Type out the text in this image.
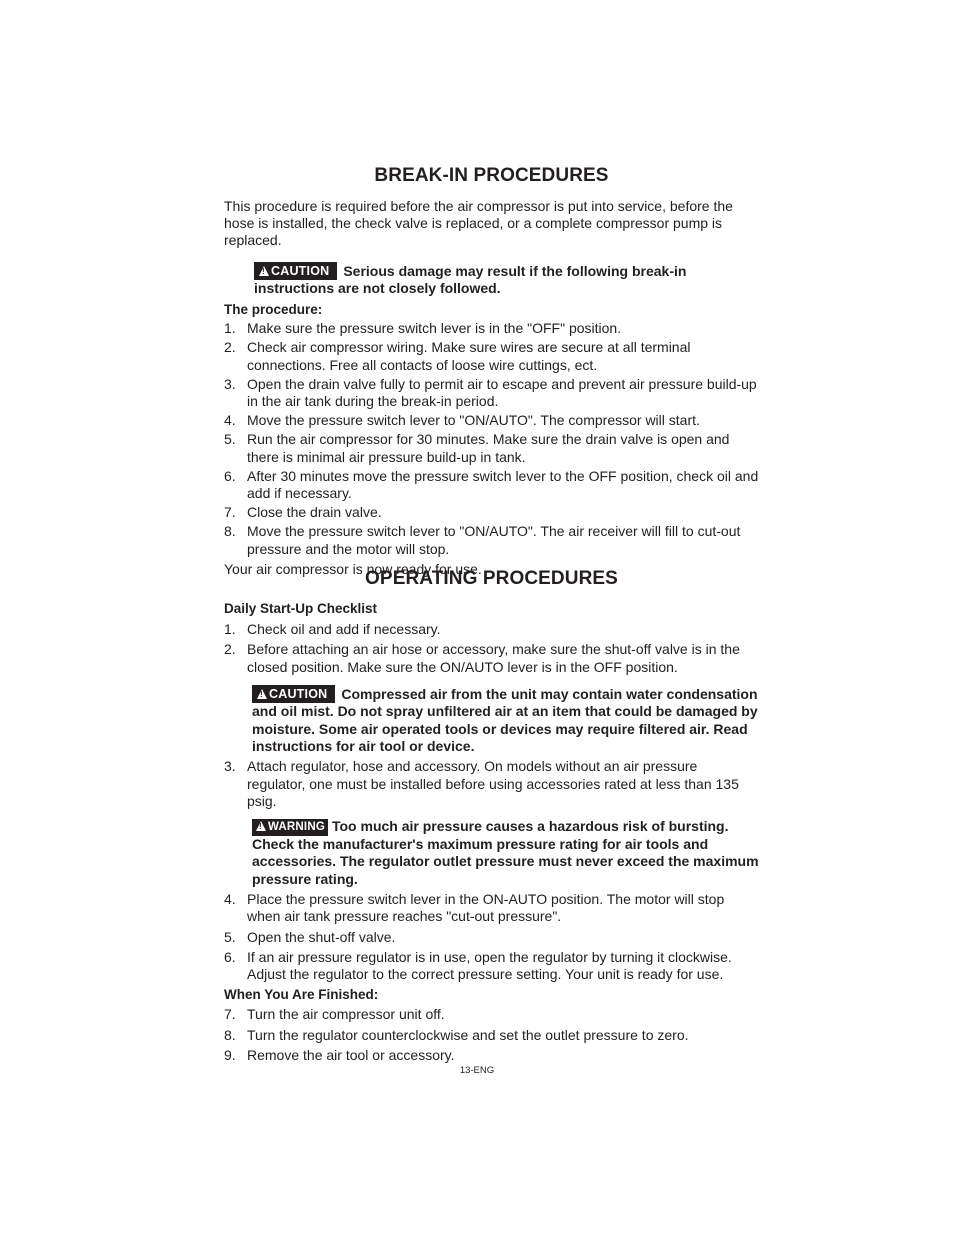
BREAK-IN PROCEDURES

This procedure is required before the air compressor is put into service, before the hose is installed, the check valve is replaced, or a complete compressor pump is replaced.

!CAUTION Serious damage may result if the following break-in instructions are not closely followed.

The procedure:

1. Make sure the pressure switch lever is in the "OFF" position.
2. Check air compressor wiring. Make sure wires are secure at all terminal connections. Free all contacts of loose wire cuttings, ect.
3. Open the drain valve fully to permit air to escape and prevent air pressure build-up in the air tank during the break-in period.
4. Move the pressure switch lever to "ON/AUTO". The compressor will start.
5. Run the air compressor for 30 minutes. Make sure the drain valve is open and there is minimal air pressure build-up in tank.
6. After 30 minutes move the pressure switch lever to the OFF position, check oil and add if necessary.
7. Close the drain valve.
8. Move the pressure switch lever to "ON/AUTO". The air receiver will fill to cut-out pressure and the motor will stop.

Your air compressor is now ready for use.

OPERATING PROCEDURES

Daily Start-Up Checklist

1. Check oil and add if necessary.
2. Before attaching an air hose or accessory, make sure the shut-off valve is in the closed position. Make sure the ON/AUTO lever is in the OFF position.

!CAUTION Compressed air from the unit may contain water condensation and oil mist. Do not spray unfiltered air at an item that could be damaged by moisture. Some air operated tools or devices may require filtered air. Read instructions for air tool or device.

3. Attach regulator, hose and accessory. On models without an air pressure regulator, one must be installed before using accessories rated at less than 135 psig.

!WARNING Too much air pressure causes a hazardous risk of bursting. Check the manufacturer's maximum pressure rating for air tools and accessories. The regulator outlet pressure must never exceed the maximum pressure rating.

4. Place the pressure switch lever in the ON-AUTO position. The motor will stop when air tank pressure reaches "cut-out pressure".
5. Open the shut-off valve.
6. If an air pressure regulator is in use, open the regulator by turning it clockwise. Adjust the regulator to the correct pressure setting. Your unit is ready for use.

When You Are Finished:

7. Turn the air compressor unit off.
8. Turn the regulator counterclockwise and set the outlet pressure to zero.
9. Remove the air tool or accessory.
13-ENG
